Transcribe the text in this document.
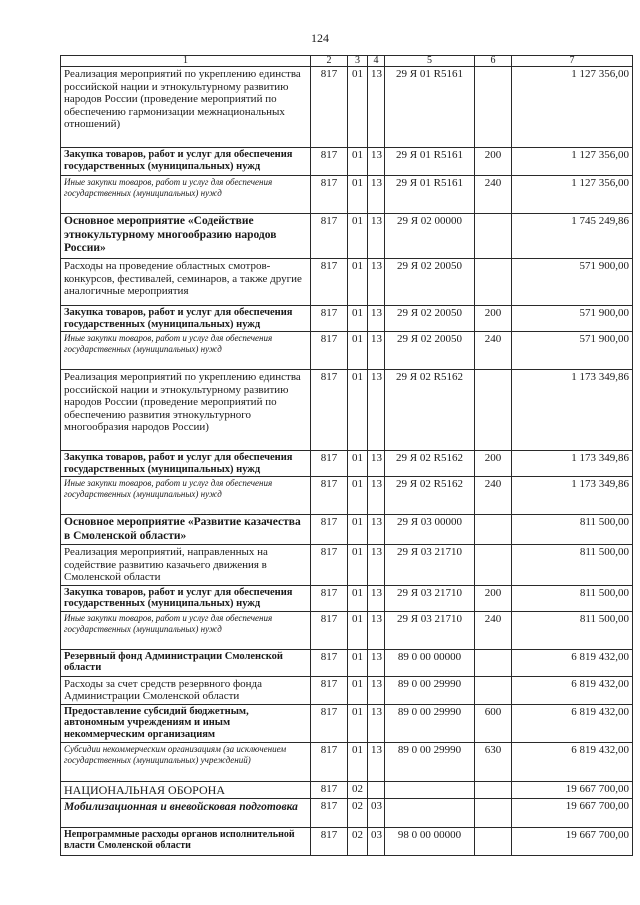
124
1	2	3	4	5	6	7
Реализация мероприятий по укреплению единства российской нации и этнокультурному развитию народов России (проведение мероприятий по обеспечению гармонизации межнациональных отношений)	817	01	13	29 Я 01 R5161		1 127 356,00
Закупка товаров, работ и услуг для обеспечения государственных (муниципальных) нужд	817	01	13	29 Я 01 R5161	200	1 127 356,00
Иные закупки товаров, работ и услуг для обеспечения государственных (муниципальных) нужд	817	01	13	29 Я 01 R5161	240	1 127 356,00
Основное мероприятие «Содействие этнокультурному многообразию народов России»	817	01	13	29 Я 02 00000		1 745 249,86
Расходы на проведение областных смотров-конкурсов, фестивалей, семинаров, а также другие аналогичные мероприятия	817	01	13	29 Я 02 20050		571 900,00
Закупка товаров, работ и услуг для обеспечения государственных (муниципальных) нужд	817	01	13	29 Я 02 20050	200	571 900,00
Иные закупки товаров, работ и услуг для обеспечения государственных (муниципальных) нужд	817	01	13	29 Я 02 20050	240	571 900,00
Реализация мероприятий по укреплению единства российской нации и этнокультурному развитию народов России (проведение мероприятий по обеспечению развития этнокультурного многообразия народов России)	817	01	13	29 Я 02 R5162		1 173 349,86
Закупка товаров, работ и услуг для обеспечения государственных (муниципальных) нужд	817	01	13	29 Я 02 R5162	200	1 173 349,86
Иные закупки товаров, работ и услуг для обеспечения государственных (муниципальных) нужд	817	01	13	29 Я 02 R5162	240	1 173 349,86
Основное мероприятие «Развитие казачества в Смоленской области»	817	01	13	29 Я 03 00000		811 500,00
Реализация мероприятий, направленных на содействие развитию казачьего движения в Смоленской области	817	01	13	29 Я 03 21710		811 500,00
Закупка товаров, работ и услуг для обеспечения государственных (муниципальных) нужд	817	01	13	29 Я 03 21710	200	811 500,00
Иные закупки товаров, работ и услуг для обеспечения государственных (муниципальных) нужд	817	01	13	29 Я 03 21710	240	811 500,00
Резервный фонд Администрации Смоленской области	817	01	13	89 0 00 00000		6 819 432,00
Расходы за счет средств резервного фонда Администрации Смоленской области	817	01	13	89 0 00 29990		6 819 432,00
Предоставление субсидий бюджетным, автономным учреждениям и иным некоммерческим организациям	817	01	13	89 0 00 29990	600	6 819 432,00
Субсидии некоммерческим организациям (за исключением государственных (муниципальных) учреждений)	817	01	13	89 0 00 29990	630	6 819 432,00
НАЦИОНАЛЬНАЯ ОБОРОНА	817	02				19 667 700,00
Мобилизационная и вневойсковая подготовка	817	02	03			19 667 700,00
Непрограммные расходы органов исполнительной власти Смоленской области	817	02	03	98 0 00 00000		19 667 700,00
